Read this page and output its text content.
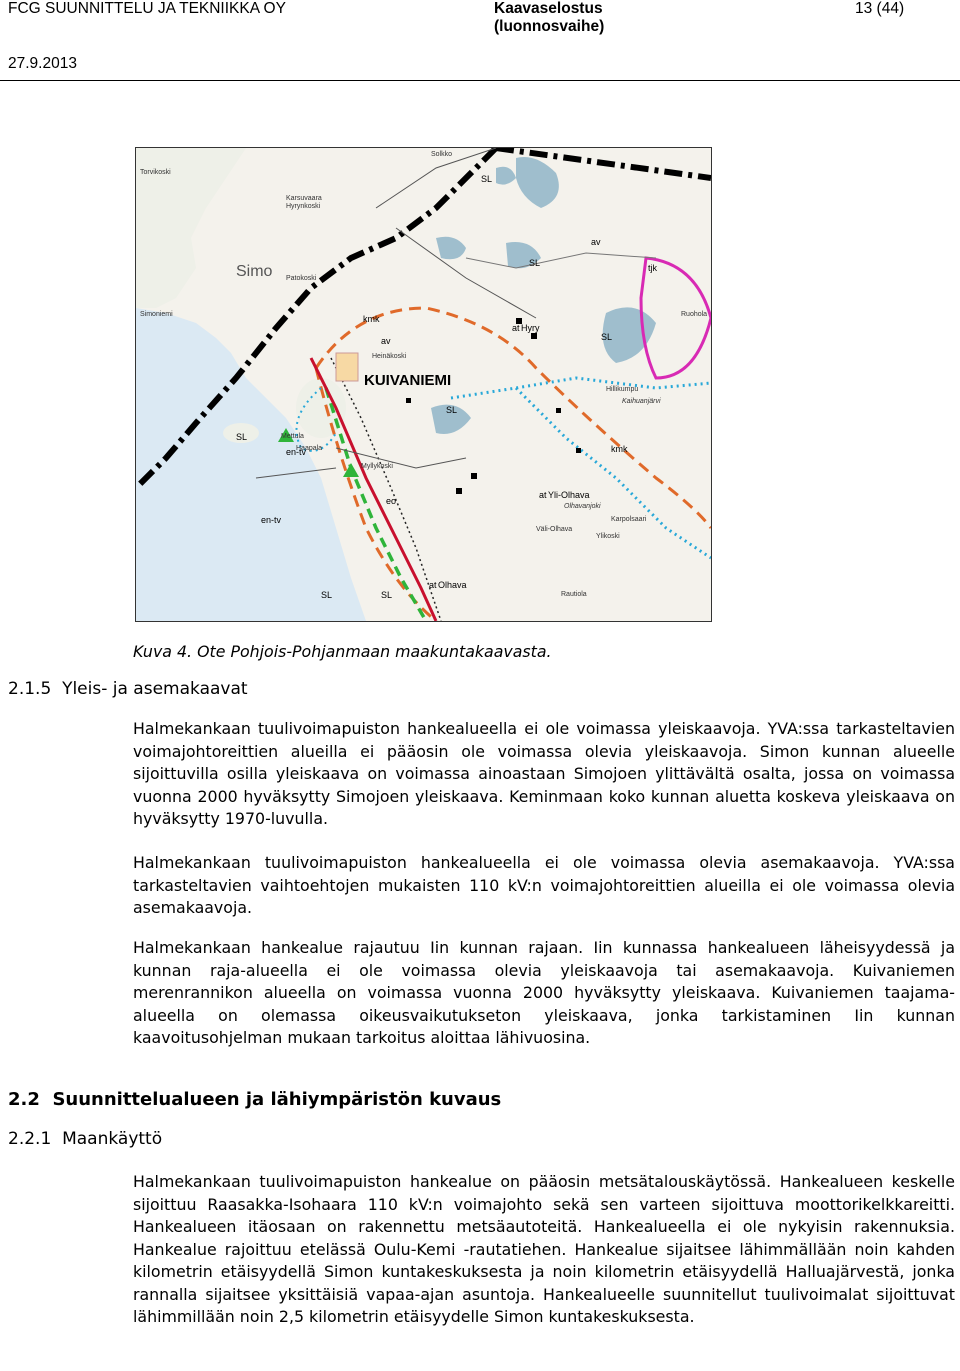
FCG SUUNNITTELU JA TEKNIIKKA OY	Kaavaselostus
(luonnosvaihe)
13 (44)
27.9.2013
KUIVANIEMI
Simo
Hyry
Yli-Olhava
Olhava
en-tv
en-tv
eo
kmk
kmk
av
av
tjk
at
at
at
SL
SL
SL
SL
SL
SL	SL
Solkko
Torvikoski
Karsuvaara
Simoniemi
Patokoski
Hyrynkoski
Haapala
Mettula
Myllykoski
Heinäkoski
Olhavanjoki
Karpolsaari
Ruohola
Kaihuanjärvi
Hillikumpu
Rautiola
Väli-Olhava
Ylikoski
Kuva 4. Ote Pohjois-Pohjanmaan maakuntakaavasta.
2.1.5 Yleis- ja asemakaavat

Halmekankaan tuulivoimapuiston hankealueella ei ole voimassa yleiskaavoja. YVA:ssa tarkasteltavien voimajohtoreittien alueilla ei pääosin ole voimassa olevia yleiskaavoja. Simon kunnan alueelle sijoittuvilla osilla yleiskaava on voimassa ainoastaan Simojoen ylittävältä osalta, jossa on voimassa vuonna 2000 hyväksytty Simojoen yleiskaava. Keminmaan koko kunnan aluetta koskeva yleiskaava on hyväksytty 1970-luvulla.

Halmekankaan tuulivoimapuiston hankealueella ei ole voimassa olevia asemakaavoja. YVA:ssa tarkasteltavien vaihtoehtojen mukaisten 110 kV:n voimajohtoreittien alueilla ei ole voimassa olevia asemakaavoja.

Halmekankaan hankealue rajautuu Iin kunnan rajaan. Iin kunnassa hankealueen läheisyydessä ja kunnan raja-alueella ei ole voimassa olevia yleiskaavoja tai asemakaavoja. Kuivaniemen merenrannikon alueella on voimassa vuonna 2000 hyväksytty yleiskaava. Kuivaniemen taajama-alueella on olemassa oikeusvaikutukseton yleiskaava, jonka tarkistaminen Iin kunnan kaavoitusohjelman mukaan tarkoitus aloittaa lähivuosina.

2.2 Suunnittelualueen ja lähiympäristön kuvaus
2.2.1 Maankäyttö

Halmekankaan tuulivoimapuiston hankealue on pääosin metsätalouskäytössä. Hankealueen keskelle sijoittuu Raasakka-Isohaara 110 kV:n voimajohto sekä sen varteen sijoittuva moottorikelkkareitti. Hankealueen itäosaan on rakennettu metsäautoteitä. Hankealueella ei ole nykyisin rakennuksia. Hankealue rajoittuu etelässä Oulu-Kemi -rautatiehen. Hankealue sijaitsee lähimmällään noin kahden kilometrin etäisyydellä Simon kuntakeskuksesta ja noin kilometrin etäisyydellä Halluajärvestä, jonka rannalla sijaitsee yksittäisiä vapaa-ajan asuntoja. Hankealueelle suunnitellut tuulivoimalat sijoittuvat lähimmillään noin 2,5 kilometrin etäisyydelle Simon kuntakeskuksesta.
